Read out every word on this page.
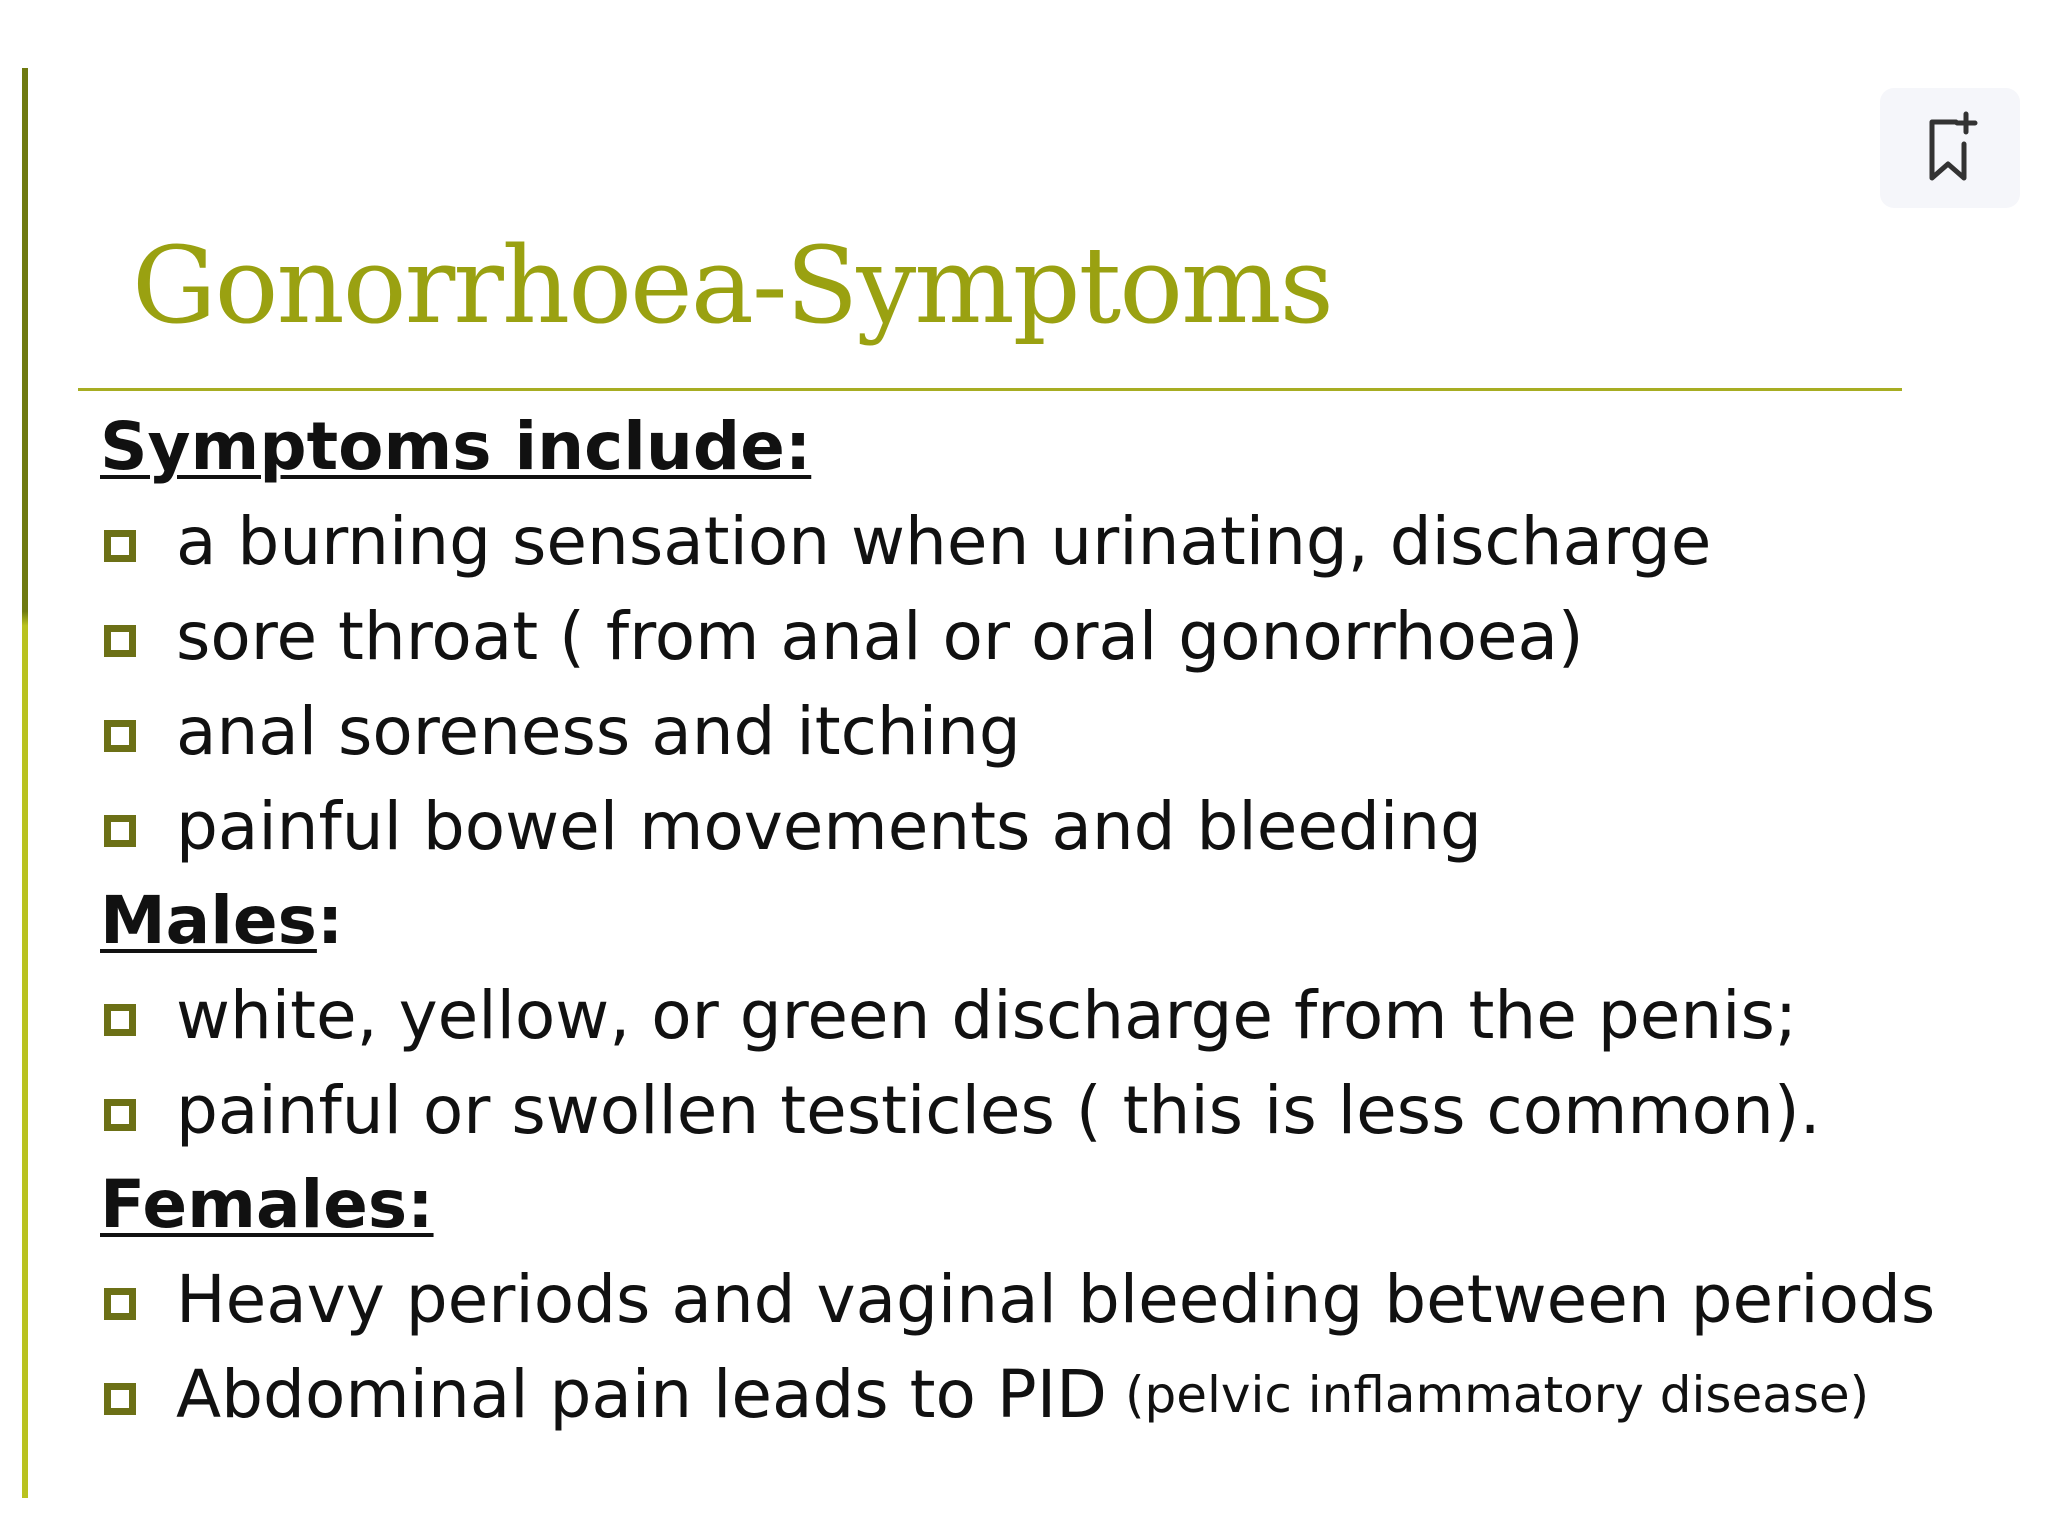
Gonorrhoea-Symptoms

Symptoms include:

a burning sensation when urinating, discharge
sore throat ( from anal or oral gonorrhoea)
anal soreness and itching
painful bowel movements and bleeding

Males:

white, yellow, or green discharge from the penis;
painful or swollen testicles ( this is less common).

Females:

Heavy periods and vaginal bleeding between periods
Abdominal pain leads to PID (pelvic inflammatory disease)
